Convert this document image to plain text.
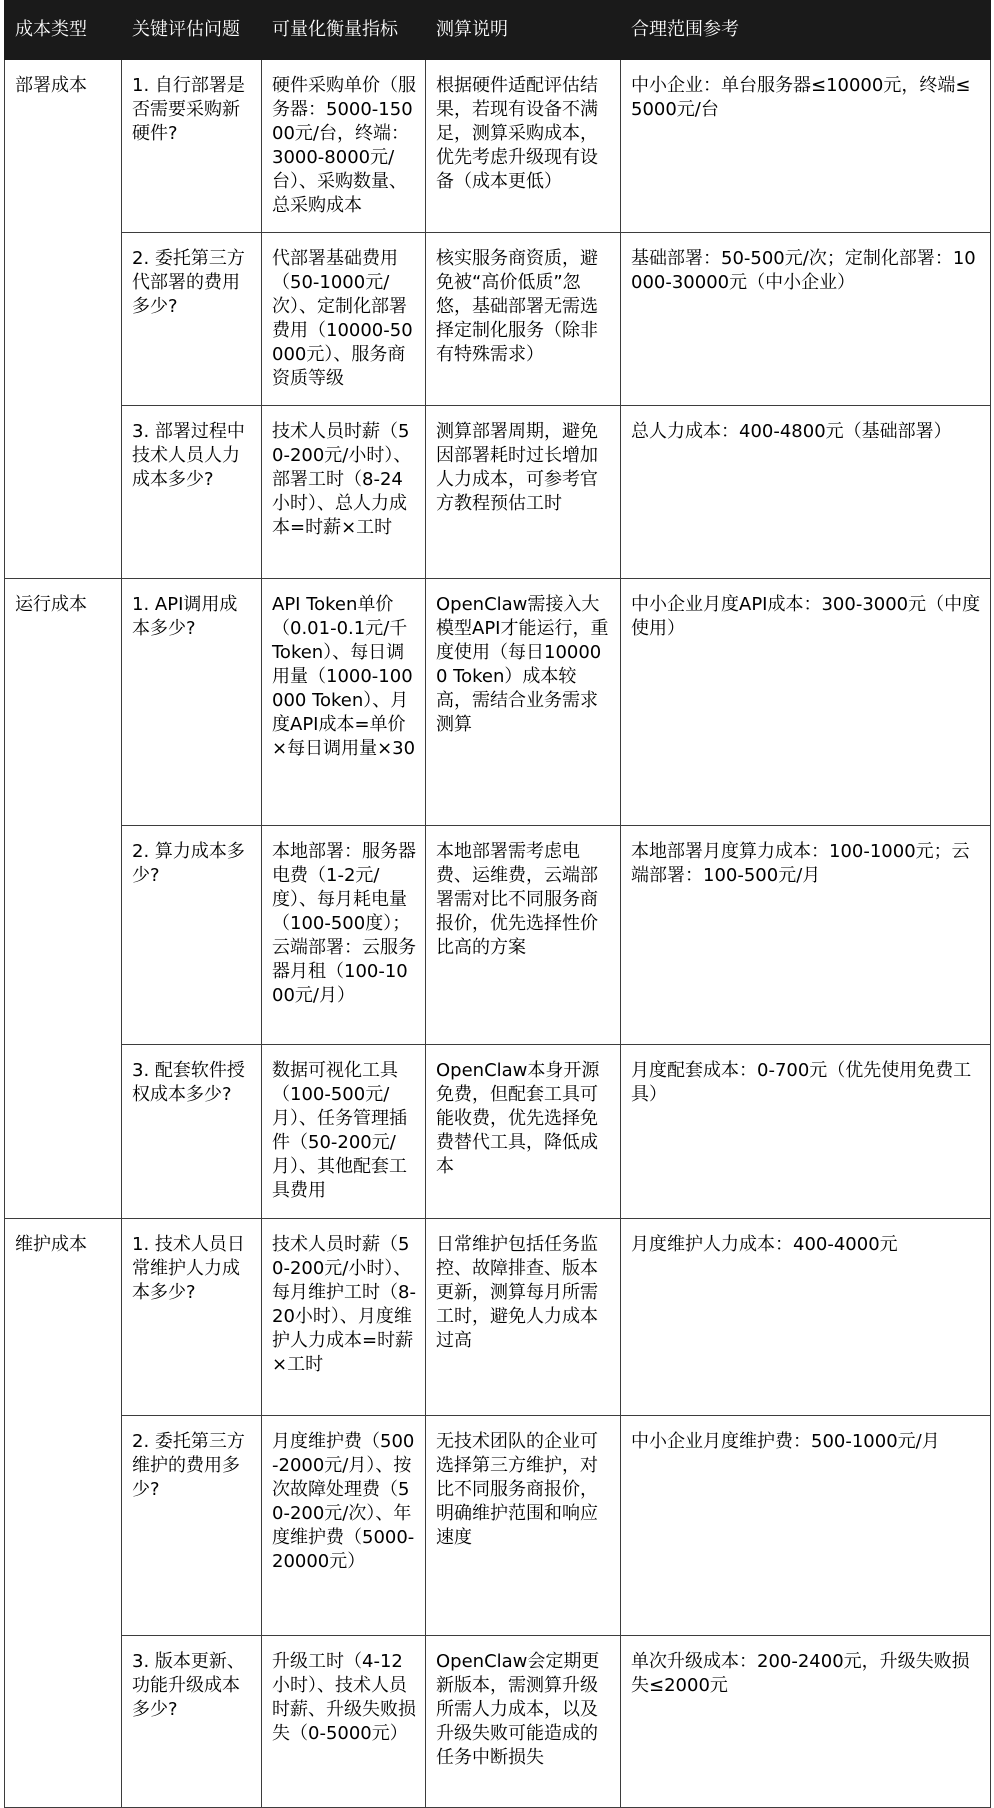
成本类型	关键评估问题	可量化衡量指标	测算说明	合理范围参考
部署成本	1. 自行部署是否需要采购新硬件?	硬件采购单价（服务器：5000-15000元/台，终端：3000-8000元/台）、采购数量、总采购成本	根据硬件适配评估结果，若现有设备不满足，测算采购成本，优先考虑升级现有设备（成本更低）	中小企业：单台服务器≤10000元，终端≤5000元/台
	2. 委托第三方代部署的费用多少?	代部署基础费用（50-1000元/次）、定制化部署费用（10000-50000元）、服务商资质等级	核实服务商资质，避免被“高价低质”忽悠，基础部署无需选择定制化服务（除非有特殊需求）	基础部署：50-500元/次；定制化部署：10000-30000元（中小企业）
	3. 部署过程中技术人员人力成本多少?	技术人员时薪（50-200元/小时）、部署工时（8-24小时）、总人力成本=时薪×工时	测算部署周期，避免因部署耗时过长增加人力成本，可参考官方教程预估工时	总人力成本：400-4800元（基础部署）
运行成本	1. API调用成本多少?	API Token单价（0.01-0.1元/千Token）、每日调用量（1000-100000 Token）、月度API成本=单价×每日调用量×30	OpenClaw需接入大模型API才能运行，重度使用（每日100000 Token）成本较高，需结合业务需求测算	中小企业月度API成本：300-3000元（中度使用）
	2. 算力成本多少?	本地部署：服务器电费（1-2元/度）、每月耗电量（100-500度）；云端部署：云服务器月租（100-1000元/月）	本地部署需考虑电费、运维费，云端部署需对比不同服务商报价，优先选择性价比高的方案	本地部署月度算力成本：100-1000元；云端部署：100-500元/月
	3. 配套软件授权成本多少?	数据可视化工具（100-500元/月）、任务管理插件（50-200元/月）、其他配套工具费用	OpenClaw本身开源免费，但配套工具可能收费，优先选择免费替代工具，降低成本	月度配套成本：0-700元（优先使用免费工具）
维护成本	1. 技术人员日常维护人力成本多少?	技术人员时薪（50-200元/小时）、每月维护工时（8-20小时）、月度维护人力成本=时薪×工时	日常维护包括任务监控、故障排查、版本更新，测算每月所需工时，避免人力成本过高	月度维护人力成本：400-4000元
	2. 委托第三方维护的费用多少?	月度维护费（500-2000元/月）、按次故障处理费（50-200元/次）、年度维护费（5000-20000元）	无技术团队的企业可选择第三方维护，对比不同服务商报价，明确维护范围和响应速度	中小企业月度维护费：500-1000元/月
	3. 版本更新、功能升级成本多少?	升级工时（4-12小时）、技术人员时薪、升级失败损失（0-5000元）	OpenClaw会定期更新版本，需测算升级所需人力成本，以及升级失败可能造成的任务中断损失	单次升级成本：200-2400元，升级失败损失≤2000元
